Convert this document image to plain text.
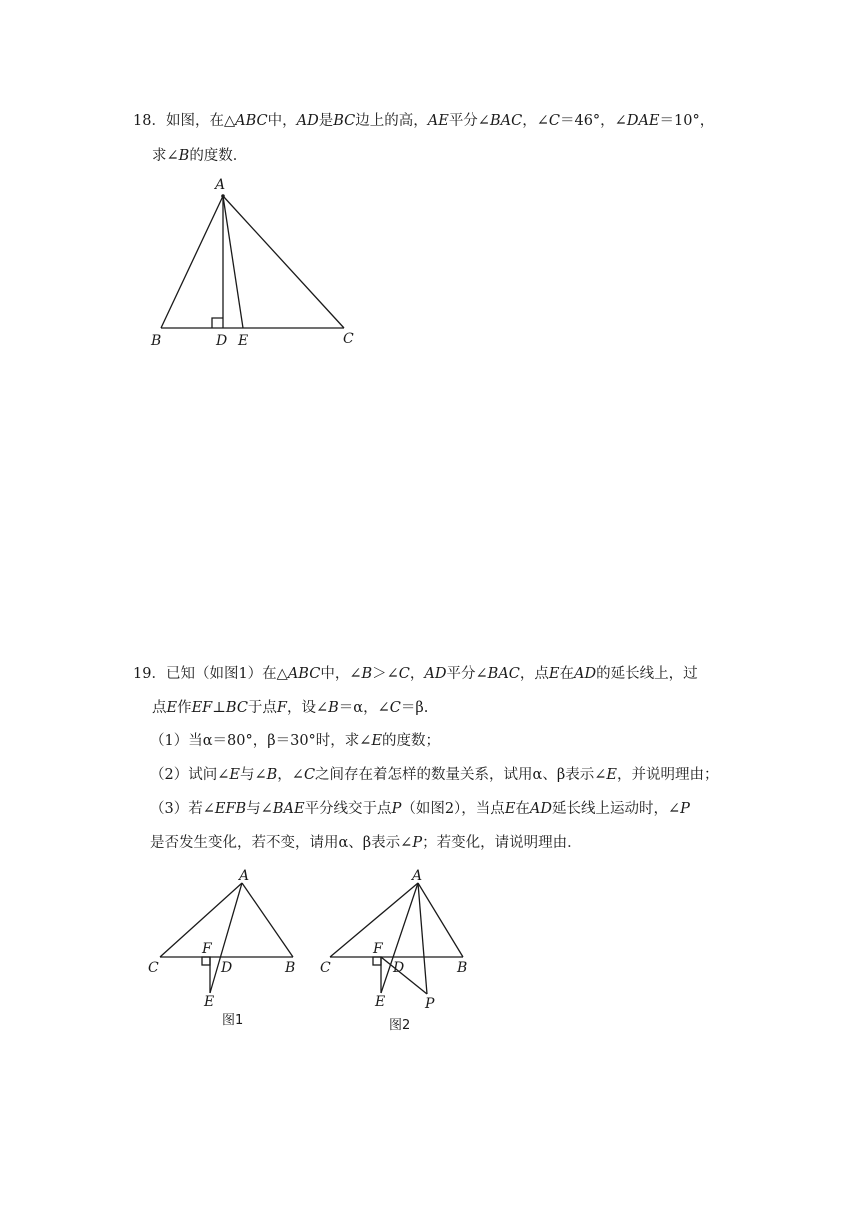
18．如图，在△ABC中，AD是BC边上的高，AE平分∠BAC，∠C＝46°，∠DAE＝10°，
求∠B的度数．
A
B	D E	C
19．已知（如图1）在△ABC中，∠B＞∠C，AD平分∠BAC，点E在AD的延长线上，过
点E作EF⊥BC于点F，设∠B＝α，∠C＝β.
（1）当α＝80°，β＝30°时，求∠E的度数；
（2）试问∠E与∠B，∠C之间存在着怎样的数量关系，试用α、β表示∠E，并说明理由；
（3）若∠EFB与∠BAE平分线交于点P（如图2），当点E在AD延长线上运动时，∠P
是否发生变化，若不变，请用α、β表示∠P；若变化，请说明理由．
A
C
F
D	B
E
图1
A
C
F
D	B
E	P
图2
